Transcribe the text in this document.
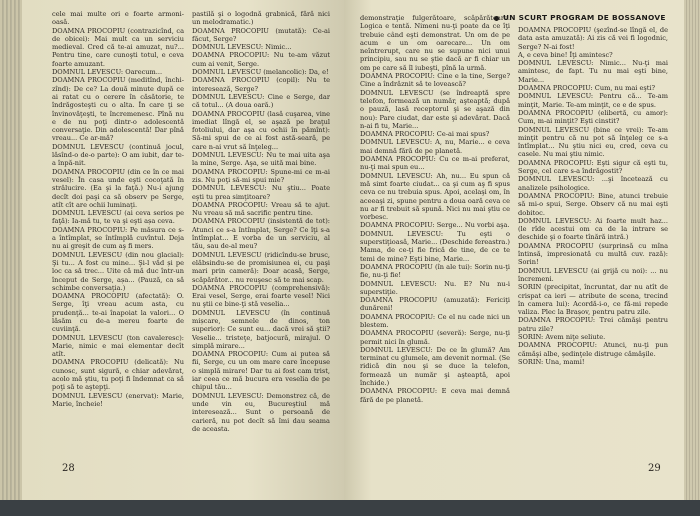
cele mai multe ori e foarte armoni-oasă.

DOAMNA PROCOPIU (contrazicînd, ca de obicei): Mai mult ca un serviciu medieval. Cred că te-ai amuzat, nu?... Pentru tine, care cunoşti totul, e ceva foarte amuzant.

DOMNUL LEVESCU: Oarecum...

DOAMNA PROCOPIU (meditînd, închi-zînd): De ce? La două minute după ce ai ratat cu o cerere în căsătorie, te îndrăgosteşti cu o alta. În care ţi se învinovăţeşti, te încremenesc. Pînă nu e de nu poţi dintr-o adolescentă conversaţie. Din adolescentă! Dar pînă vreau... Ce ar-mă?

DOMNUL LEVESCU (continuă jocul, lăsînd-o de-o parte): O am iubit, dar te-a înpă-nit.

DOAMNA PROCOPIU (din ce în ce mai vesel): În casa unde eşti cocoţată în strălucire. (Ea şi la faţă.) Nu-i ajung decît doi paşi ca să observ pe Serge, atît cît are ochii luminaţi.

DOMNUL LEVESCU (ai ceva serios pe faţă): Ia-mă tu, te va şi eşti așa ceva.

DOAMNA PROCOPIU: Pe măsura ce s-a întîmplat, se întîmplă cuvîntul. Deja nu ai greşit de cum aş fi mers.

DOMNUL LEVESCU (din nou glacial): Şi tu... A fost cu mine... Şi-l văd și pe loc ca să trec... Uite că mă duc într-un început de Serge, așa... (Pauză, ca să schimbe conversaţia.)

DOAMNA PROCOPIU (afectată): O. Serge, îţi vreau acum asta, cu prudenţă... te-ai înapoiat la valori... O lăsăm cu de-a mereu foarte de cuviinţă.

DOMNUL LEVESCU (ton cavaleresc): Marie, nimic e mai elementar decît atît.

DOAMNA PROCOPIU (delicată): Nu cunosc, sunt sigură, e chiar adevărat, acolo mă ştiu, tu poţi fi îndemnat ca să poţi să te aştepţi.

DOMNUL LEVESCU (enervat): Marie, Marie, încheie!

pastilă şi o logodnă grabnică, fără nici un melodramatic.)

DOAMNA PROCOPIU (mutată): Ce-ai făcut, Serge?

DOMNUL LEVESCU: Nimic...

DOAMNA PROCOPIU: Nu te-am văzut cum ai venit, Serge.

DOMNUL LEVESCU (melancolic): Da, e!

DOAMNA PROCOPIU (copil): Nu te interesează, Serge?

DOMNUL LEVESCU: Cine e Serge, dar că totul... (A doua oară.)

DOAMNA PROCOPIU (lasă cuşarea, vine imediat lîngă el, se aşază pe braţul fotoliului, dar aşa cu ochii în pămînt): Să-mi spui de ce ai fost astă-seară, pe care n-ai vrut să înţeleg...

DOMNUL LEVESCU: Nu te mai uita aşa la mine, Serge. Aşa, se uită mai bine.

DOAMNA PROCOPIU: Spune-mi ce m-ai zis. Nu poţi să-mi spui mie?

DOMNUL LEVESCU: Nu ştiu... Poate eşti tu prea simţitoare?

DOAMNA PROCOPIU: Vreau să te ajut. Nu vreau să mă sacrific pentru tine.

DOAMNA PROCOPIU (insistentă de tot): Atunci ce s-a întîmplat, Serge? Ce îţi s-a întîmplat... E vorba de un serviciu, al tău, sau de-al meu?

DOMNUL LEVESCU (ridicîndu-se brusc, elăbsindu-se de promisiunea ei, cu paşi mari prin cameră): Doar acasă, Serge, scăpărător... nu reuşesc să te mai scap.

DOAMNA PROCOPIU (comprehensivă): Erai vesel, Serge, erai foarte vesel! Nici nu ştii ce bine-ţi stă veselia...

DOMNUL LEVESCU (în continuă mișcare, semnele de dinos, ton superior): Ce sunt eu... dacă vrei să ştii? Veselie... tristeţe, batjocură, mirajul. O simplă mirare...

DOAMNA PROCOPIU: Cum ai putea să fii, Serge, cu un om mare care începuse o simplă mirare! Dar tu ai fost cam trist, iar ceea ce mă bucura era veselia de pe chipul tău...

DOMNUL LEVESCU: Demonstrez că, de unde vin eu, Bucureştiul mă interesează... Sunt o persoană de carieră, nu pot decît să îmi dau seama de aceasta.

28
UN SCURT PROGRAM DE BOSSANOVE

demonstraţie fulgerătoare, scăpărătoare. Logica e tentă. Nimeni nu-ţi poate da ce îţi trebuie când eşti demonstrat. Un om de pe acum e un om oarecare... Un om neîntrerupt, care nu se supune nici unui principiu, sau nu se ştie dacă ar fi chiar un om pe care să îl iubeşti, pînă la urmă.

DOAMNA PROCOPIU: Cine e la tine, Serge? Cine a îndrăznit să te lovească?

DOMNUL LEVESCU (se îndreaptă spre telefon, formează un număr, aşteaptă; după o pauză, lasă receptorul şi se aşază din nou): Pare ciudat, dar este şi adevărat. Dacă n-ai fi tu, Marie...

DOAMNA PROCOPIU: Ce-ai mai spus?

DOMNUL LEVESCU: A, nu, Marie... e ceva mai demnă fără de pe planetă.

DOAMNA PROCOPIU: Cu ce m-ai preferat, nu-ţi mai spun eu...

DOMNUL LEVESCU: Ah, nu... Eu spun că mă simt foarte ciudat... ca şi cum aş fi spus ceva ce nu trebuia spus. Apoi, acelaşi om, în aceeaşi zi, spune pentru a doua oară ceva ce nu ar fi trebuit să spună. Nici nu mai ştiu ce vorbesc.

DOAMNA PROCOPIU: Serge... Nu vorbi aşa.

DOMNUL LEVESCU: Tu eşti o superstiţioasă, Marie... (Deschide fereastra.) Mama, de ce-ţi fie frică de tine, de ce te temi de mine? Eşti bine, Marie...

DOAMNA PROCOPIU (în ale tui): Sorin nu-ţi fie, nu-ţi fie!

DOMNUL LEVESCU: Nu. E? Nu nu-i superstiţie.

DOAMNA PROCOPIU (amuzată): Fericiţi dunăreni!

DOAMNA PROCOPIU: Ce el nu cade nici un blestem.

DOAMNA PROCOPIU (severă): Serge, nu-ţi permit nici în glumă.

DOMNUL LEVESCU: De ce în glumă? Am terminat cu glumele, am devenit normal. (Se ridică din nou şi se duce la telefon, formează un număr şi aşteaptă, apoi închide.)

DOAMNA PROCOPIU: E ceva mai demnă fără de pe planetă.

DOAMNA PROCOPIU (şezînd-se lîngă el, de data asta amuzată): Ai zis că vei fi logodnic, Serge? N-ai fost!

A, e ceva bine! Îţi amintesc?

DOMNUL LEVESCU: Nimic... Nu-ţi mai amintesc, de fapt. Tu nu mai eşti bine, Marie...

DOAMNA PROCOPIU: Cum, nu mai eşti?

DOMNUL LEVESCU: Pentru că... Te-am minţit, Marie. Te-am minţit, ce e de spus.

DOAMNA PROCOPIU (elibertă, cu amor): Cum, m-ai minţit? Eşti cinstit?

DOMNUL LEVESCU (bine ce vrei): Te-am minţit pentru că nu pot să înţeleg ce s-a întîmplat... Nu ştiu nici eu, cred, ceva cu casele. Nu mai ştiu nimic.

DOAMNA PROCOPIU: Eşti sigur că eşti tu, Serge, cel care s-a îndrăgostit?

DOMNUL LEVESCU: ...şi încetează cu analizele psihologice.

DOAMNA PROCOPIU: Bine, atunci trebuie să mi-o spui, Serge. Observ că nu mai eşti dobitoc.

DOMNUL LEVESCU: Ai foarte mult haz... (le rîde acestui om ca de la intrare se deschide şi o foarte tînără intră.)

DOAMNA PROCOPIU (surprinsă cu mîna întinsă, impresionată cu multă cuv. rază): Sorin!

DOMNUL LEVESCU (ai grijă cu noi): ... nu încremeni.

SORIN (precipitat, încruntat, dar nu atît de crispat ca ieri — atribute de scena, trecind în camera lui): Acordă-i-o, ce fă-mi repede valiza. Plec la Brașov, pentru patru zile.

DOAMNA PROCOPIU: Trei cămăşi pentru patru zile?

SORIN: Avem niţe seliute.

DOAMNA PROCOPIU: Atunci, nu-ţi pun cămăşi albe, ședinţele distruge cămăşile.

SORIN: Una, mami!

29
